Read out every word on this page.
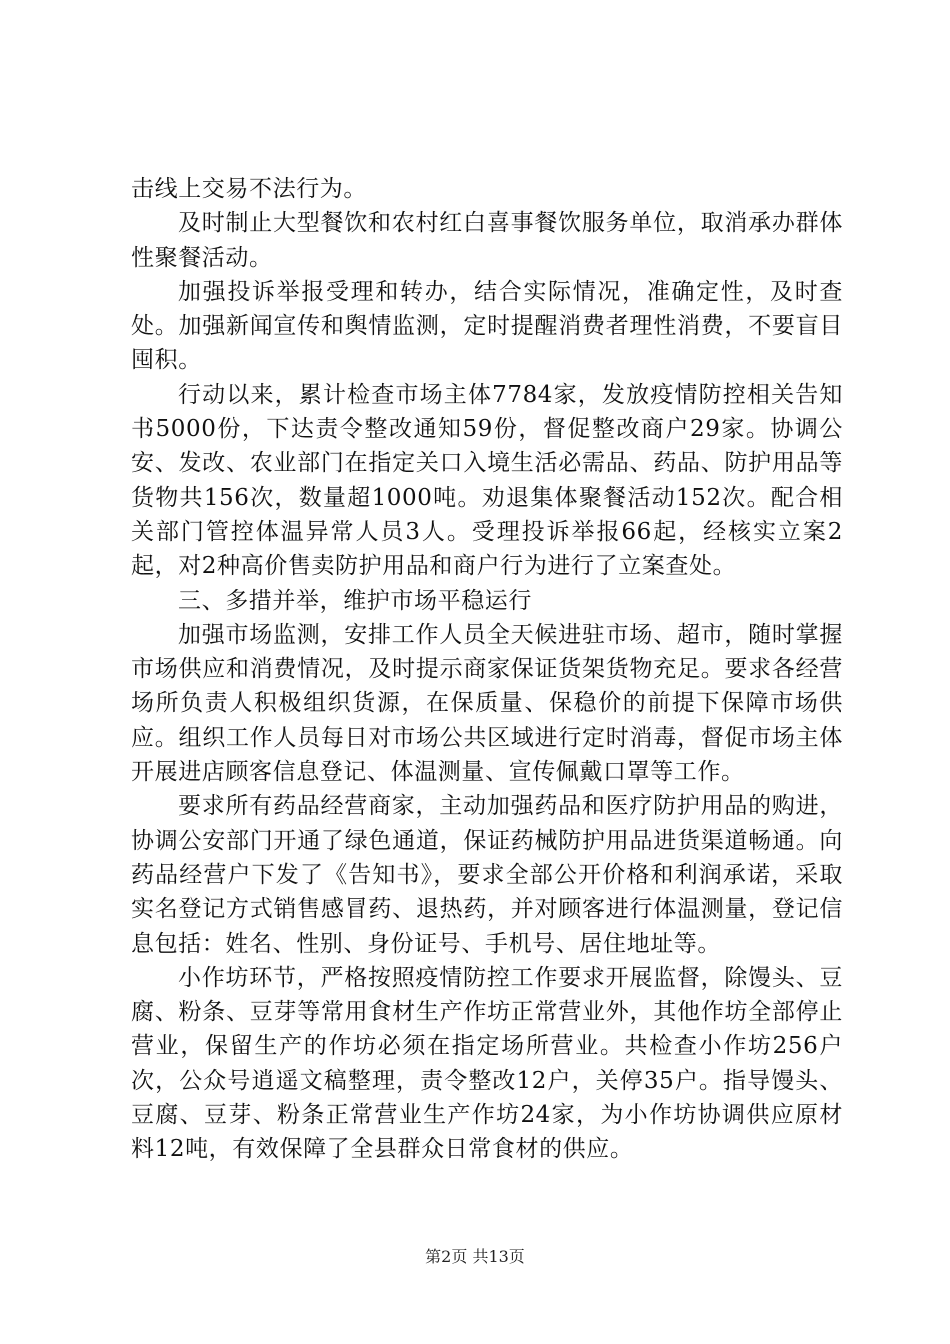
击线上交易不法行为。

及时制止大型餐饮和农村红白喜事餐饮服务单位，取消承办群体性聚餐活动。

加强投诉举报受理和转办，结合实际情况，准确定性，及时查处。加强新闻宣传和舆情监测，定时提醒消费者理性消费，不要盲目囤积。

行动以来，累计检查市场主体7784家，发放疫情防控相关告知书5000份，下达责令整改通知59份，督促整改商户29家。协调公安、发改、农业部门在指定关口入境生活必需品、药品、防护用品等货物共156次，数量超1000吨。劝退集体聚餐活动152次。配合相关部门管控体温异常人员3人。受理投诉举报66起，经核实立案2起，对2种高价售卖防护用品和商户行为进行了立案查处。

三、多措并举，维护市场平稳运行

加强市场监测，安排工作人员全天候进驻市场、超市，随时掌握市场供应和消费情况，及时提示商家保证货架货物充足。要求各经营场所负责人积极组织货源，在保质量、保稳价的前提下保障市场供应。组织工作人员每日对市场公共区域进行定时消毒，督促市场主体开展进店顾客信息登记、体温测量、宣传佩戴口罩等工作。

要求所有药品经营商家，主动加强药品和医疗防护用品的购进，协调公安部门开通了绿色通道，保证药械防护用品进货渠道畅通。向药品经营户下发了《告知书》，要求全部公开价格和利润承诺，采取实名登记方式销售感冒药、退热药，并对顾客进行体温测量，登记信息包括：姓名、性别、身份证号、手机号、居住地址等。

小作坊环节，严格按照疫情防控工作要求开展监督，除馒头、豆腐、粉条、豆芽等常用食材生产作坊正常营业外，其他作坊全部停止营业，保留生产的作坊必须在指定场所营业。共检查小作坊256户次，公众号逍遥文稿整理，责令整改12户，关停35户。指导馒头、豆腐、豆芽、粉条正常营业生产作坊24家，为小作坊协调供应原材料12吨，有效保障了全县群众日常食材的供应。

第2页 共13页
